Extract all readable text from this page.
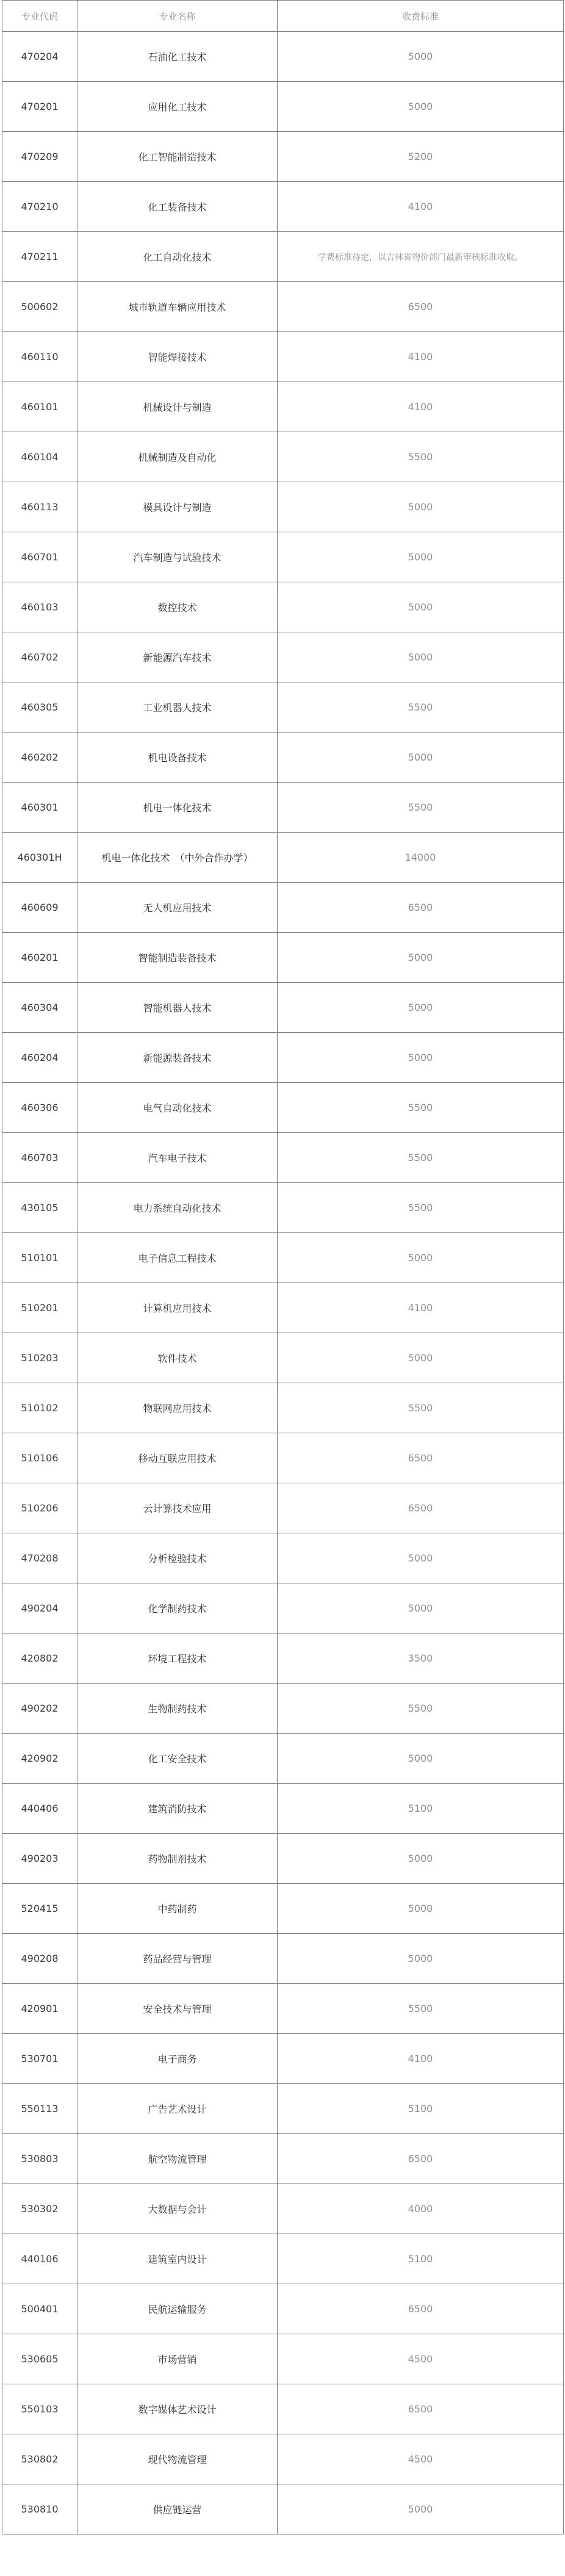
专业代码	专业名称	收费标准
470204	石油化工技术	5000
470201	应用化工技术	5000
470209	化工智能制造技术	5200
470210	化工装备技术	4100
470211	化工自动化技术	学费标准待定，以吉林省物价部门最新审核标准收取。
500602	城市轨道车辆应用技术	6500
460110	智能焊接技术	4100
460101	机械设计与制造	4100
460104	机械制造及自动化	5500
460113	模具设计与制造	5000
460701	汽车制造与试验技术	5000
460103	数控技术	5000
460702	新能源汽车技术	5000
460305	工业机器人技术	5500
460202	机电设备技术	5000
460301	机电一体化技术	5500
460301H	机电一体化技术　（中外合作办学）	14000
460609	无人机应用技术	6500
460201	智能制造装备技术	5000
460304	智能机器人技术	5000
460204	新能源装备技术	5000
460306	电气自动化技术	5500
460703	汽车电子技术	5500
430105	电力系统自动化技术	5500
510101	电子信息工程技术	5000
510201	计算机应用技术	4100
510203	软件技术	5000
510102	物联网应用技术	5500
510106	移动互联应用技术	6500
510206	云计算技术应用	6500
470208	分析检验技术	5000
490204	化学制药技术	5000
420802	环境工程技术	3500
490202	生物制药技术	5500
420902	化工安全技术	5000
440406	建筑消防技术	5100
490203	药物制剂技术	5000
520415	中药制药	5000
490208	药品经营与管理	5000
420901	安全技术与管理	5500
530701	电子商务	4100
550113	广告艺术设计	5100
530803	航空物流管理	6500
530302	大数据与会计	4000
440106	建筑室内设计	5100
500401	民航运输服务	6500
530605	市场营销	4500
550103	数字媒体艺术设计	6500
530802	现代物流管理	4500
530810	供应链运营	5000
